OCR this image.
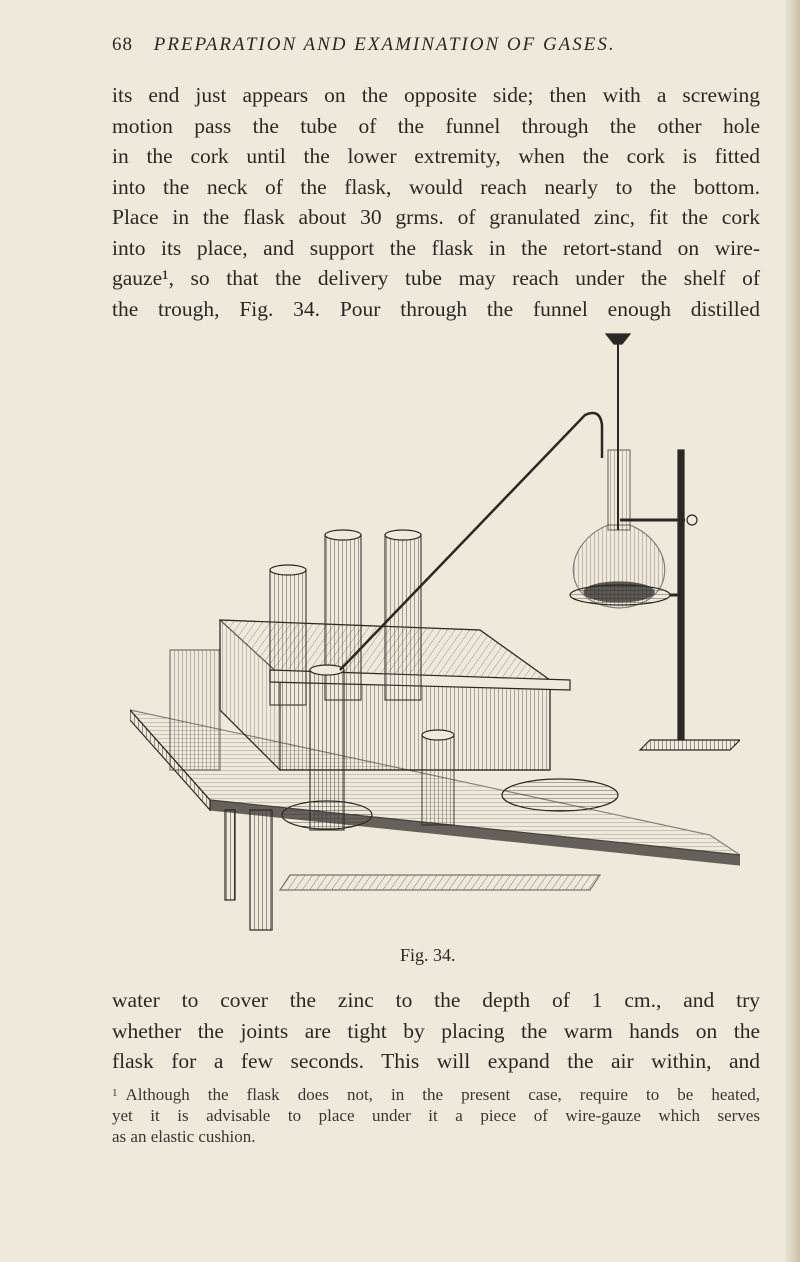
68 PREPARATION AND EXAMINATION OF GASES.
its end just appears on the opposite side; then with a screwing
motion pass the tube of the funnel through the other hole
in the cork until the lower extremity, when the cork is fitted
into the neck of the flask, would reach nearly to the bottom.
Place in the flask about 30 grms. of granulated zinc, fit the cork
into its place, and support the flask in the retort-stand on wire-
gauze¹, so that the delivery tube may reach under the shelf of
the trough, Fig. 34. Pour through the funnel enough distilled
Fig. 34.
water to cover the zinc to the depth of 1 cm., and try
whether the joints are tight by placing the warm hands on the
flask for a few seconds. This will expand the air within, and
$^1$ Although the flask does not, in the present case, require to be heated,
yet it is advisable to place under it a piece of wire-gauze which serves
as an elastic cushion.
